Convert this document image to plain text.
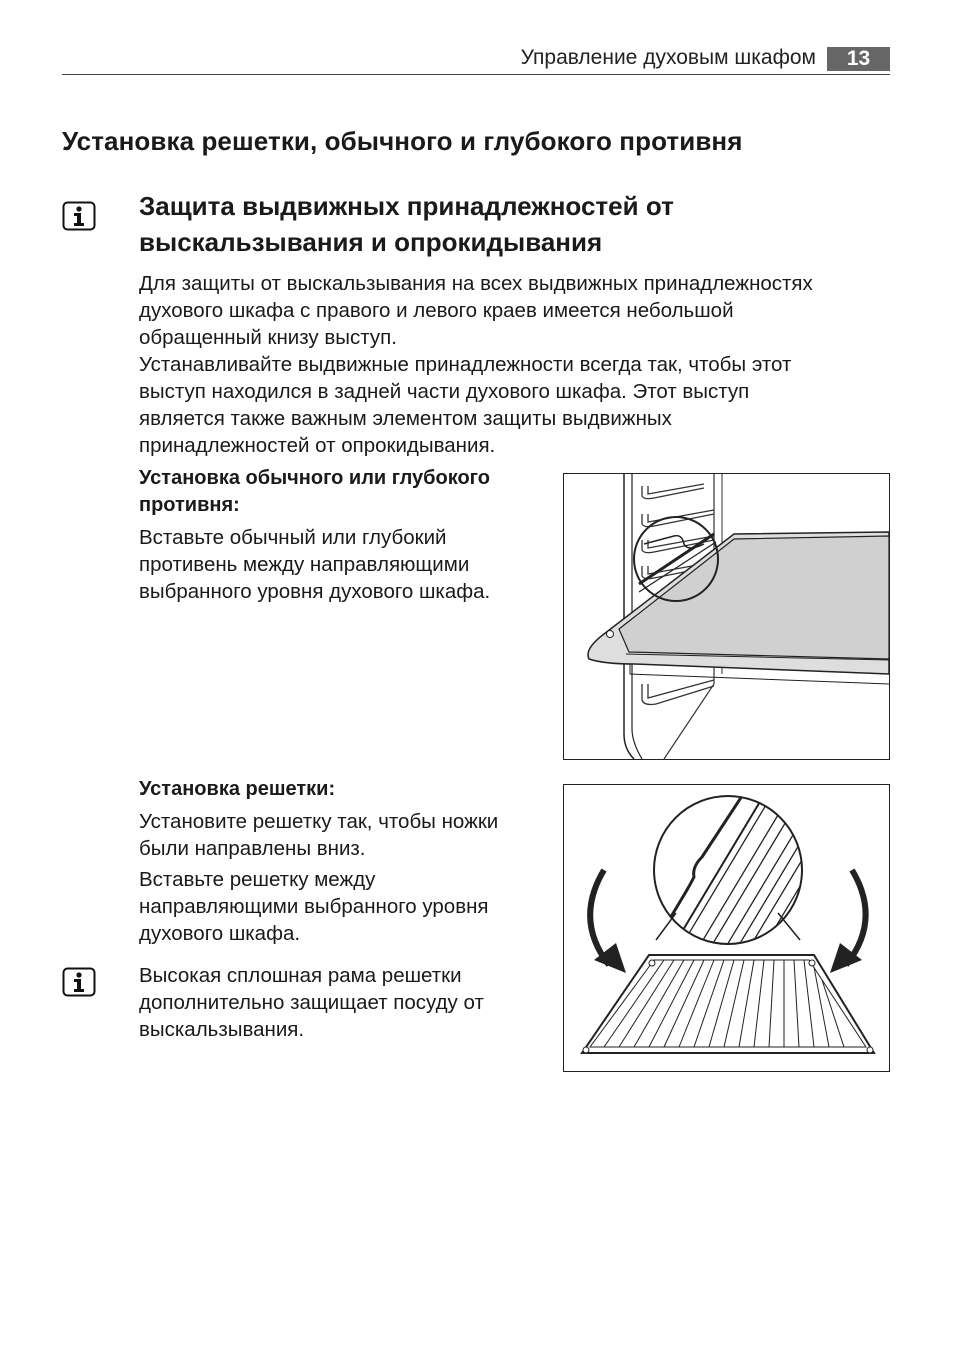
Управление духовым шкафом	13
Установка решетки, обычного и глубокого противня
Защита выдвижных принадлежностей от
выскальзывания и опрокидывания

Для защиты от выскальзывания на всех выдвижных принадлежностях
духового шкафа с правого и левого краев имеется небольшой
обращенный книзу выступ.

Устанавливайте выдвижные принадлежности всегда так, чтобы этот
выступ находился в задней части духового шкафа. Этот выступ
является также важным элементом защиты выдвижных
принадлежностей от опрокидывания.

Установка обычного или глубокого
противня:

Вставьте обычный или глубокий
противень между направляющими
выбранного уровня духового шкафа.

Установка решетки:

Установите решетку так, чтобы ножки
были направлены вниз.

Вставьте решетку между
направляющими выбранного уровня
духового шкафа.

Высокая сплошная рама решетки
дополнительно защищает посуду от
выскальзывания.
